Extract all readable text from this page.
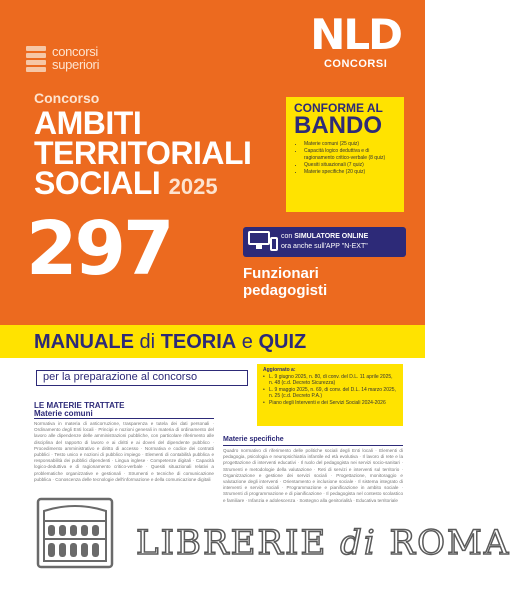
concorsi
superiori
NLD
CONCORSI
Concorso
AMBITI
TERRITORIALI
SOCIALI 2025
CONFORME AL
BANDO
• Materie comuni (25 quiz)
• Capacità logico deduttiva e di ragionamento critico-verbale (8 quiz)
• Quesiti situazionali (7 quiz)
• Materie specifiche (20 quiz)
297	con SIMULATORE ONLINE
ora anche sull'APP "N-EXT"
Funzionari
pedagogisti
MANUALE di TEORIA e QUIZ
per la preparazione al concorso
Aggiornato a:
• L. 9 giugno 2025, n. 80, di conv. del D.L. 11 aprile 2025, n. 48 (c.d. Decreto Sicurezza)
• L. 9 maggio 2025, n. 69, di conv. del D.L. 14 marzo 2025, n. 25 (c.d. Decreto P.A.)
• Piano degli Interventi e dei Servizi Sociali 2024-2026
LE MATERIE TRATTATE
Materie comuni
Normativa in materia di anticorruzione, trasparenza e tutela dei dati personali · Ordinamento degli Enti locali · Principi e nozioni generali in materia di ordinamento del lavoro alle dipendenze delle amministrazioni pubbliche, con particolare riferimento alle disciplina del rapporto di lavoro e ai diritti e ai doveri del dipendente pubblico · Procedimento amministrativo e diritto di accesso · Normativa e codice dei contratti pubblici · Testo unico e nozioni di pubblico impiego · Elementi di contabilità pubblica e responsabilità dei pubblici dipendenti · Lingua inglese · Competenze digitali · Capacità logico-deduttiva e di ragionamento critico-verbale · Quesiti situazionali relativi a problematiche organizzative e gestionali · Strumenti e tecniche di comunicazione pubblica · Conoscenza delle tecnologie dell'informazione e della comunicazione digitali
Materie specifiche
Quadro normativo di riferimento delle politiche sociali degli Enti locali · Elementi di pedagogia, psicologia e neuropsichiatria infantile ed età evolutiva · Il lavoro di rete e la progettazione di interventi educativi · Il ruolo del pedagogista nei servizi socio-sanitari · Strumenti e metodologie della valutazione · Reti di servizi e interventi sul territorio · Organizzazione e gestione dei servizi sociali · Progettazione, monitoraggio e valutazione degli interventi · Orientamento e inclusione sociale · Il sistema integrato di interventi e servizi sociali · Programmazione e pianificazione in ambito sociale · Strumenti di programmazione e di pianificazione · Il pedagogista nel contesto scolastico e familiare · Infanzia e adolescenza · Sostegno alla genitorialità · Educativa territoriale
LIBRERIE di ROMA
